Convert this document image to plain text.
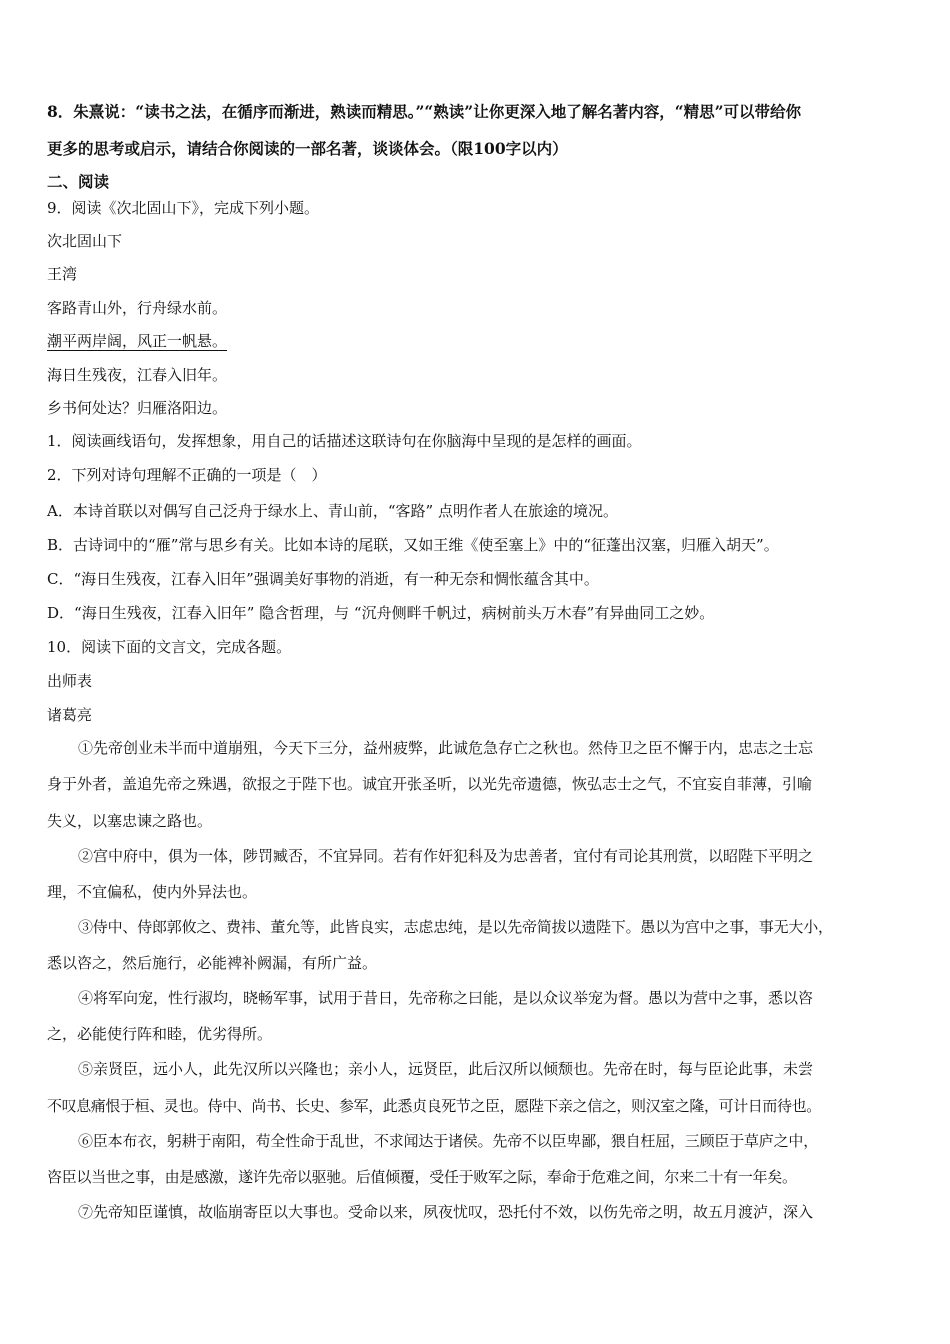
8．朱熹说：“读书之法，在循序而渐进，熟读而精思。”“熟读”让你更深入地了解名著内容，“精思”可以带给你
更多的思考或启示，请结合你阅读的一部名著，谈谈体会。（限100字以内）
二、阅读
9．阅读《次北固山下》，完成下列小题。
次北固山下
王湾
客路青山外，行舟绿水前。
潮平两岸阔，风正一帆悬。
海日生残夜，江春入旧年。
乡书何处达？归雁洛阳边。
1．阅读画线语句，发挥想象，用自己的话描述这联诗句在你脑海中呈现的是怎样的画面。
2．下列对诗句理解不正确的一项是（　）
A．本诗首联以对偶写自己泛舟于绿水上、青山前，“客路” 点明作者人在旅途的境况。
B．古诗词中的“雁”常与思乡有关。比如本诗的尾联，又如王维《使至塞上》中的“征蓬出汉塞，归雁入胡天”。
C．“海日生残夜，江春入旧年”强调美好事物的消逝，有一种无奈和惆怅蕴含其中。
D．“海日生残夜，江春入旧年” 隐含哲理，与 “沉舟侧畔千帆过，病树前头万木春”有异曲同工之妙。
10．阅读下面的文言文，完成各题。
出师表
诸葛亮
①先帝创业未半而中道崩殂，今天下三分，益州疲弊，此诚危急存亡之秋也。然侍卫之臣不懈于内，忠志之士忘
身于外者，盖追先帝之殊遇，欲报之于陛下也。诚宜开张圣听，以光先帝遗德，恢弘志士之气，不宜妄自菲薄，引喻
失义，以塞忠谏之路也。
②宫中府中，俱为一体，陟罚臧否，不宜异同。若有作奸犯科及为忠善者，宜付有司论其刑赏，以昭陛下平明之
理，不宜偏私，使内外异法也。
③侍中、侍郎郭攸之、费祎、董允等，此皆良实，志虑忠纯，是以先帝简拔以遗陛下。愚以为宫中之事，事无大小，
悉以咨之，然后施行，必能裨补阙漏，有所广益。
④将军向宠，性行淑均，晓畅军事，试用于昔日，先帝称之曰能，是以众议举宠为督。愚以为营中之事，悉以咨
之，必能使行阵和睦，优劣得所。
⑤亲贤臣，远小人，此先汉所以兴隆也；亲小人，远贤臣，此后汉所以倾颓也。先帝在时，每与臣论此事，未尝
不叹息痛恨于桓、灵也。侍中、尚书、长史、参军，此悉贞良死节之臣，愿陛下亲之信之，则汉室之隆，可计日而待也。
⑥臣本布衣，躬耕于南阳，苟全性命于乱世，不求闻达于诸侯。先帝不以臣卑鄙，猥自枉屈，三顾臣于草庐之中，
咨臣以当世之事，由是感激，遂许先帝以驱驰。后值倾覆，受任于败军之际，奉命于危难之间，尔来二十有一年矣。
⑦先帝知臣谨慎，故临崩寄臣以大事也。受命以来，夙夜忧叹，恐托付不效，以伤先帝之明，故五月渡泸，深入
